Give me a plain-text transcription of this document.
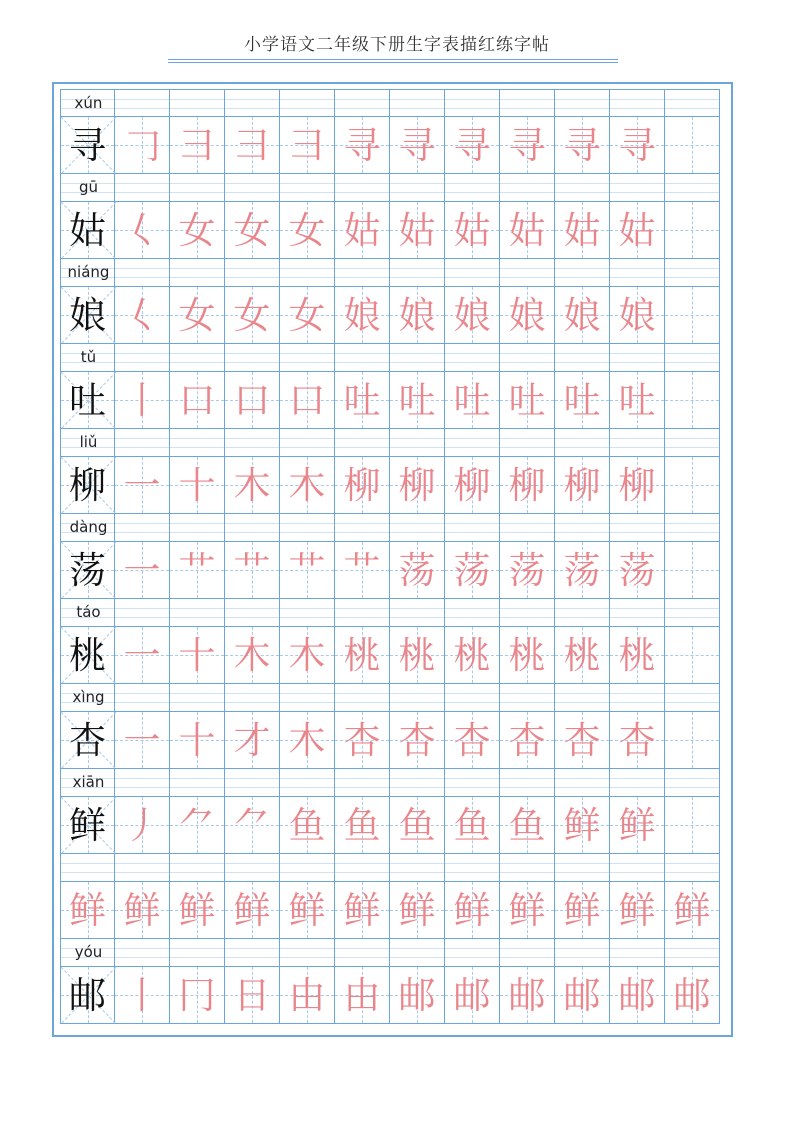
小学语文二年级下册生字表描红练字帖
xún
寻 𠃌 ⺕ ⺕ ⺕ 寻 寻 寻 寻 寻 寻
gū
姑 𡿨 女 女 女 姑 姑 姑 姑 姑 姑
niáng
娘 𡿨 女 女 女 娘 娘 娘 娘 娘 娘
tǔ
吐 丨 口 口 口 吐 吐 吐 吐 吐 吐
liǔ
柳 一 十 木 木 柳 柳 柳 柳 柳 柳
dàng
荡 一 艹 艹 艹 艹 荡 荡 荡 荡 荡
táo
桃 一 十 木 木 桃 桃 桃 桃 桃 桃
xìng
杏 一 十 才 木 杏 杏 杏 杏 杏 杏
xiān
鲜 丿 ⺈ ⺈ 鱼 鱼 鱼 鱼 鱼 鲜 鲜
鲜 鲜 鲜 鲜 鲜 鲜 鲜 鲜 鲜 鲜 鲜 鲜
yóu
邮 丨 冂 日 由 由 邮 邮 邮 邮 邮 邮
